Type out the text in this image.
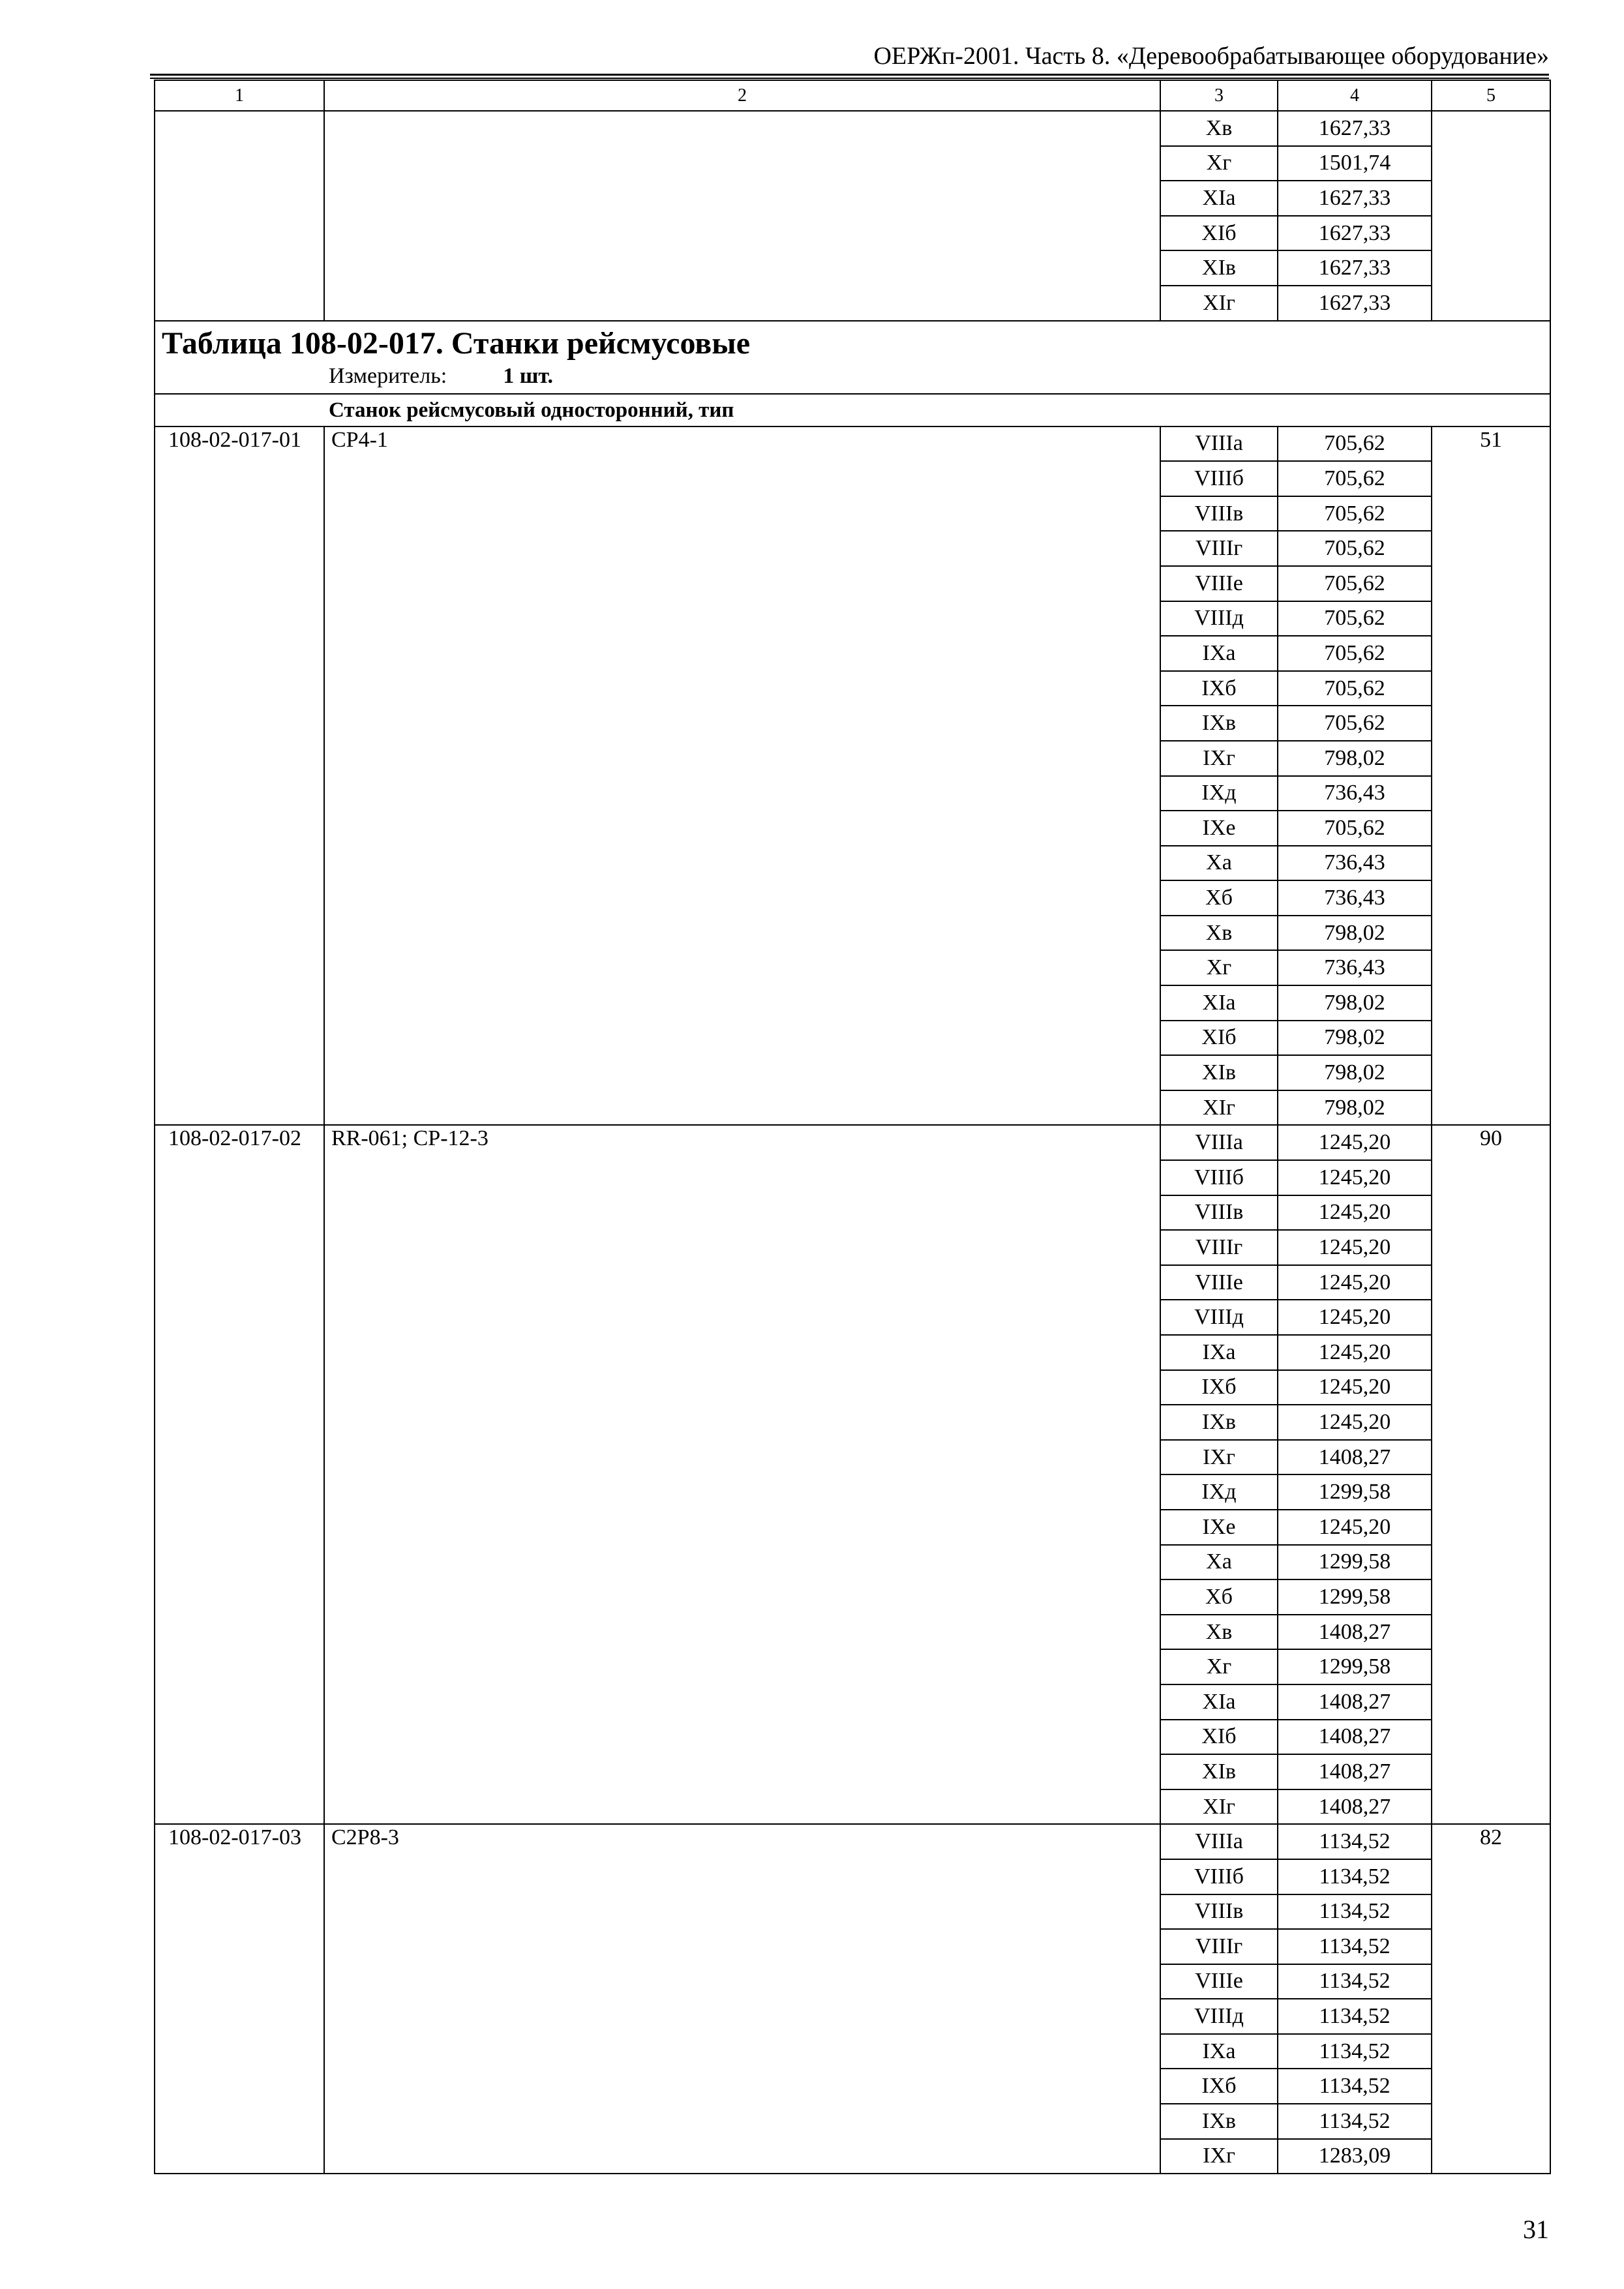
ОЕРЖп-2001. Часть 8. «Деревообрабатывающее оборудование»
1	2	3	4	5
		Хв	1627,33	
		Хг	1501,74	
		ХIа	1627,33	
		ХIб	1627,33	
		ХIв	1627,33	
		ХIг	1627,33	

Таблица 108-02-017. Станки рейсмусовые
Измеритель: 1 шт.				

Станок рейсмусовый односторонний, тип				
108-02-017-01	СР4-1	VIIIа	705,62	51
		VIIIб	705,62	
		VIIIв	705,62	
		VIIIг	705,62	
		VIIIе	705,62	
		VIIIд	705,62	
		IХа	705,62	
		IХб	705,62	
		IХв	705,62	
		IХг	798,02	
		IХд	736,43	
		IХе	705,62	
		Ха	736,43	
		Хб	736,43	
		Хв	798,02	
		Хг	736,43	
		ХIа	798,02	
		ХIб	798,02	
		ХIв	798,02	
		ХIг	798,02	
108-02-017-02	RR-061; СР-12-3	VIIIа	1245,20	90
		VIIIб	1245,20	
		VIIIв	1245,20	
		VIIIг	1245,20	
		VIIIе	1245,20	
		VIIIд	1245,20	
		IХа	1245,20	
		IХб	1245,20	
		IХв	1245,20	
		IХг	1408,27	
		IХд	1299,58	
		IХе	1245,20	
		Ха	1299,58	
		Хб	1299,58	
		Хв	1408,27	
		Хг	1299,58	
		ХIа	1408,27	
		ХIб	1408,27	
		ХIв	1408,27	
		ХIг	1408,27	
108-02-017-03	С2Р8-3	VIIIа	1134,52	82
		VIIIб	1134,52	
		VIIIв	1134,52	
		VIIIг	1134,52	
		VIIIе	1134,52	
		VIIIд	1134,52	
		IХа	1134,52	
		IХб	1134,52	
		IХв	1134,52	
		IХг	1283,09	
31
